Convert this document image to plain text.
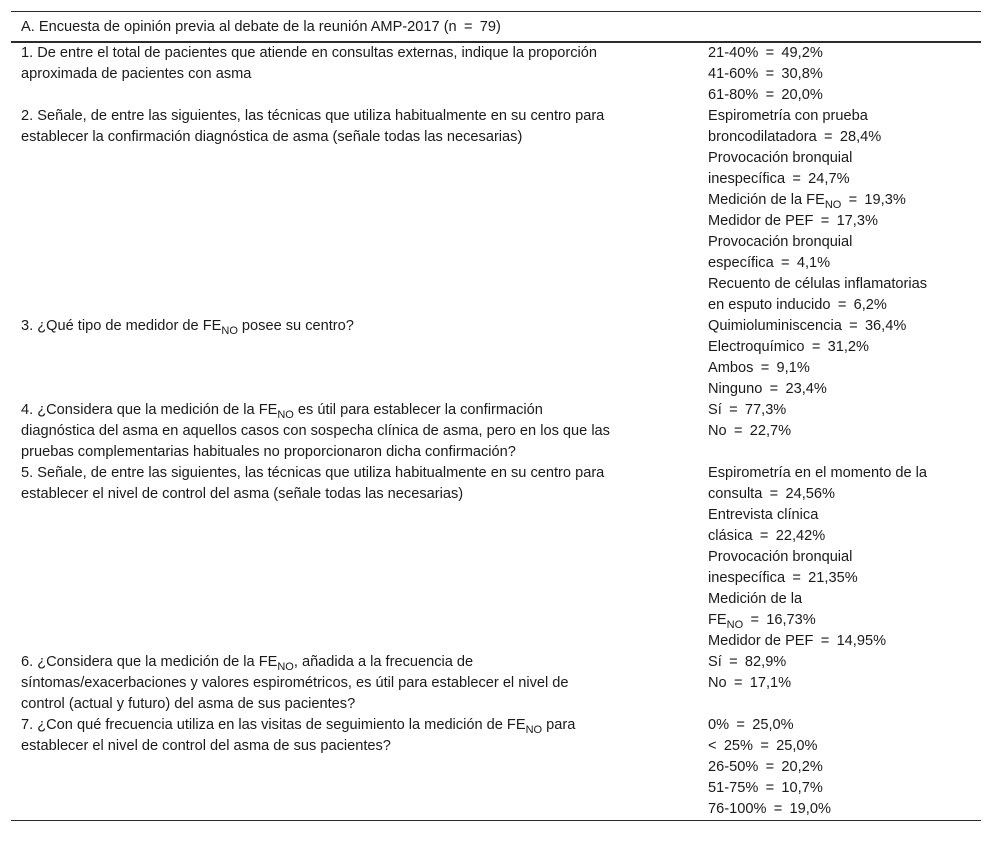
A. Encuesta de opinión previa al debate de la reunión AMP-2017 (n = 79)
1. De entre el total de pacientes que atiende en consultas externas, indique la proporción
aproximada de pacientes con asma
21-40% = 49,2%
41-60% = 30,8%
61-80% = 20,0%
2. Señale, de entre las siguientes, las técnicas que utiliza habitualmente en su centro para
establecer la confirmación diagnóstica de asma (señale todas las necesarias)
Espirometría con prueba
broncodilatadora = 28,4%
Provocación bronquial
inespecífica = 24,7%
Medición de la $FE_{NO}$ = 19,3%
Medidor de PEF = 17,3%
Provocación bronquial
específica = 4,1%
Recuento de células inflamatorias
en esputo inducido = 6,2%
3. ¿Qué tipo de medidor de $FE_{NO}$ posee su centro?	Quimioluminiscencia = 36,4%
Electroquímico = 31,2%
Ambos = 9,1%
Ninguno = 23,4%
4. ¿Considera que la medición de la $FE_{NO}$ es útil para establecer la confirmación
diagnóstica del asma en aquellos casos con sospecha clínica de asma, pero en los que las
pruebas complementarias habituales no proporcionaron dicha confirmación?
Sí = 77,3%
No = 22,7%
5. Señale, de entre las siguientes, las técnicas que utiliza habitualmente en su centro para
establecer el nivel de control del asma (señale todas las necesarias)
Espirometría en el momento de la
consulta = 24,56%
Entrevista clínica
clásica = 22,42%
Provocación bronquial
inespecífica = 21,35%
Medición de la
$FE_{NO}$ = 16,73%
Medidor de PEF = 14,95%
6. ¿Considera que la medición de la $FE_{NO}$, añadida a la frecuencia de
síntomas/exacerbaciones y valores espirométricos, es útil para establecer el nivel de
control (actual y futuro) del asma de sus pacientes?
Sí = 82,9%
No = 17,1%
7. ¿Con qué frecuencia utiliza en las visitas de seguimiento la medición de $FE_{NO}$ para
establecer el nivel de control del asma de sus pacientes?
0% = 25,0%
< 25% = 25,0%
26-50% = 20,2%
51-75% = 10,7%
76-100% = 19,0%
